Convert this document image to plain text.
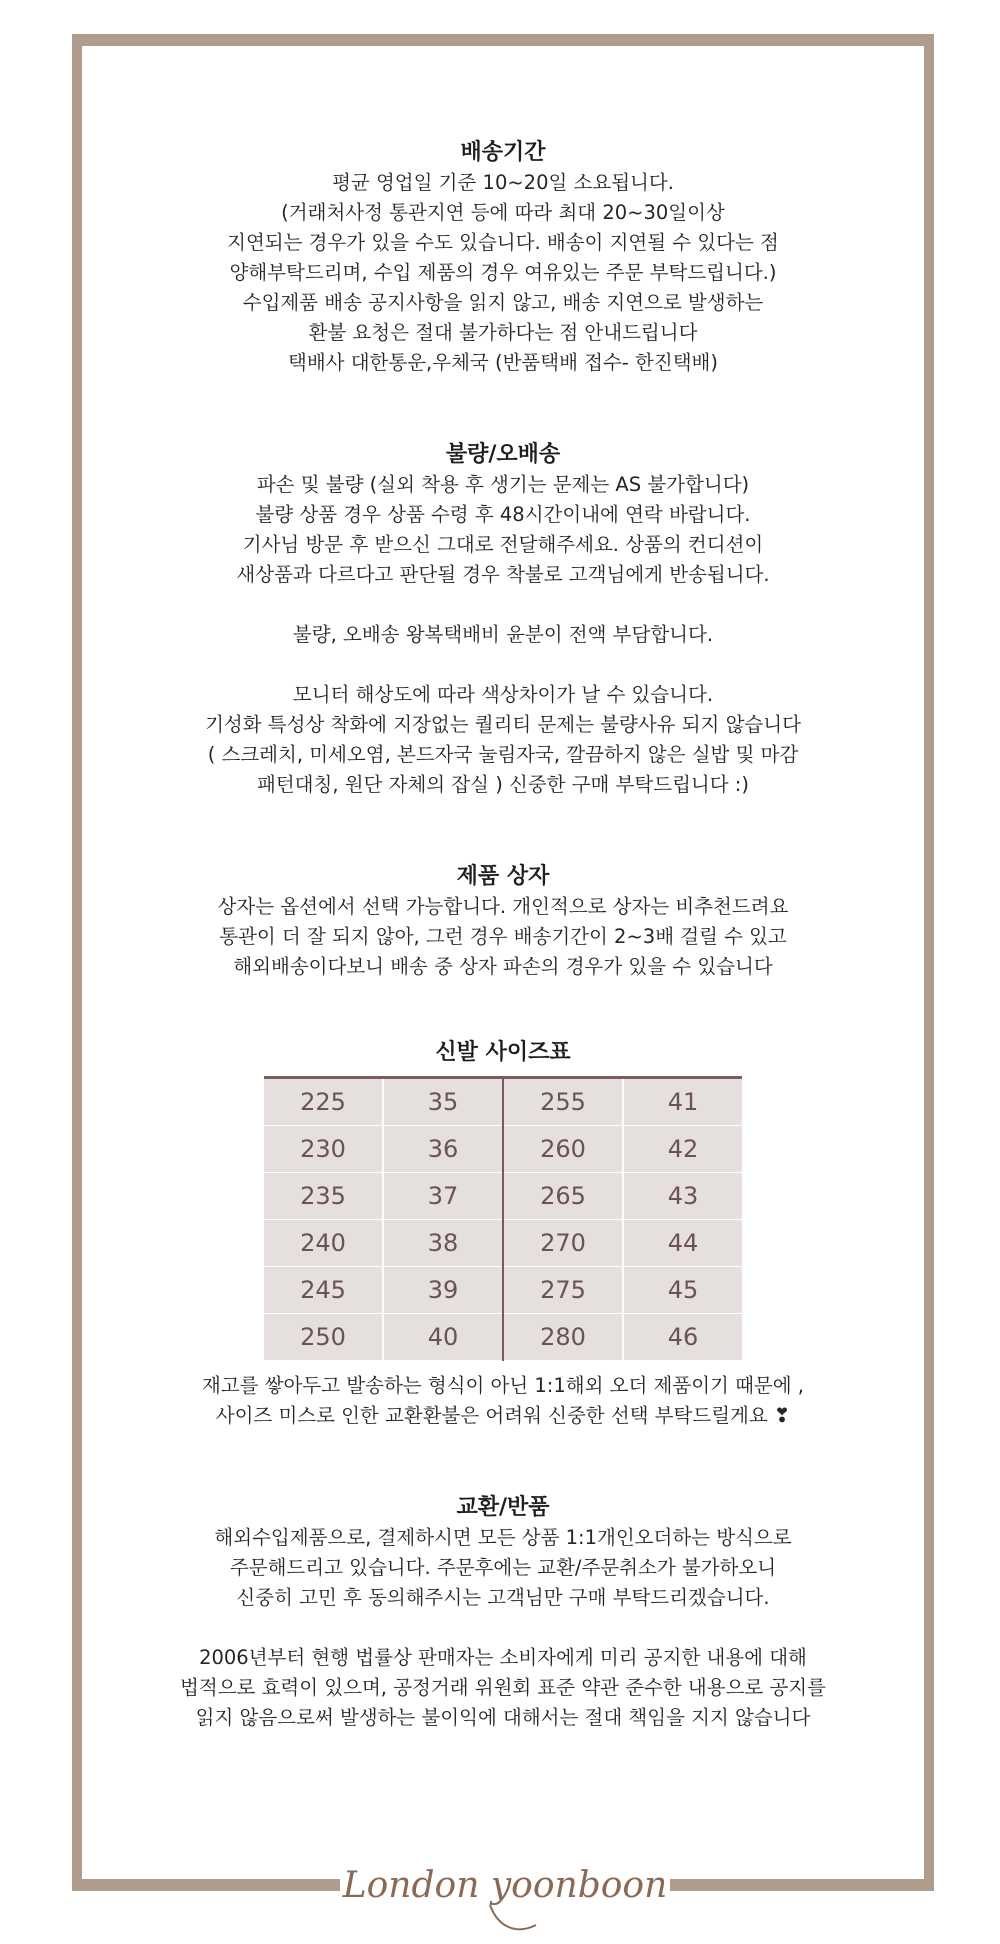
London yoonboon
배송기간
평균 영업일 기준 10~20일 소요됩니다.
(거래처사정 통관지연 등에 따라 최대 20~30일이상
지연되는 경우가 있을 수도 있습니다. 배송이 지연될 수 있다는 점
양해부탁드리며, 수입 제품의 경우 여유있는 주문 부탁드립니다.)
수입제품 배송 공지사항을 읽지 않고, 배송 지연으로 발생하는
환불 요청은 절대 불가하다는 점 안내드립니다
택배사 대한통운,우체국 (반품택배 접수- 한진택배)
불량/오배송
파손 및 불량 (실외 착용 후 생기는 문제는 AS 불가합니다)
불량 상품 경우 상품 수령 후 48시간이내에 연락 바랍니다.
기사님 방문 후 받으신 그대로 전달해주세요. 상품의 컨디션이
새상품과 다르다고 판단될 경우 착불로 고객님에게 반송됩니다.
불량, 오배송 왕복택배비 윤분이 전액 부담합니다.
모니터 해상도에 따라 색상차이가 날 수 있습니다.
기성화 특성상 착화에 지장없는 퀄리티 문제는 불량사유 되지 않습니다
( 스크레치, 미세오염, 본드자국 눌림자국, 깔끔하지 않은 실밥 및 마감
패턴대칭, 원단 자체의 잡실 ) 신중한 구매 부탁드립니다 :)
제품 상자
상자는 옵션에서 선택 가능합니다. 개인적으로 상자는 비추천드려요
통관이 더 잘 되지 않아, 그런 경우 배송기간이 2~3배 걸릴 수 있고
해외배송이다보니 배송 중 상자 파손의 경우가 있을 수 있습니다
신발 사이즈표
225	35	255	41
230	36	260	42
235	37	265	43
240	38	270	44
245	39	275	45
250	40	280	46
재고를 쌓아두고 발송하는 형식이 아닌 1:1해외 오더 제품이기 때문에 ,
사이즈 미스로 인한 교환환불은 어려워 신중한 선택 부탁드릴게요 ❣
교환/반품
해외수입제품으로, 결제하시면 모든 상품 1:1개인오더하는 방식으로
주문해드리고 있습니다. 주문후에는 교환/주문취소가 불가하오니
신중히 고민 후 동의해주시는 고객님만 구매 부탁드리겠습니다.
2006년부터 현행 법률상 판매자는 소비자에게 미리 공지한 내용에 대해
법적으로 효력이 있으며, 공정거래 위원회 표준 약관 준수한 내용으로 공지를
읽지 않음으로써 발생하는 불이익에 대해서는 절대 책임을 지지 않습니다
